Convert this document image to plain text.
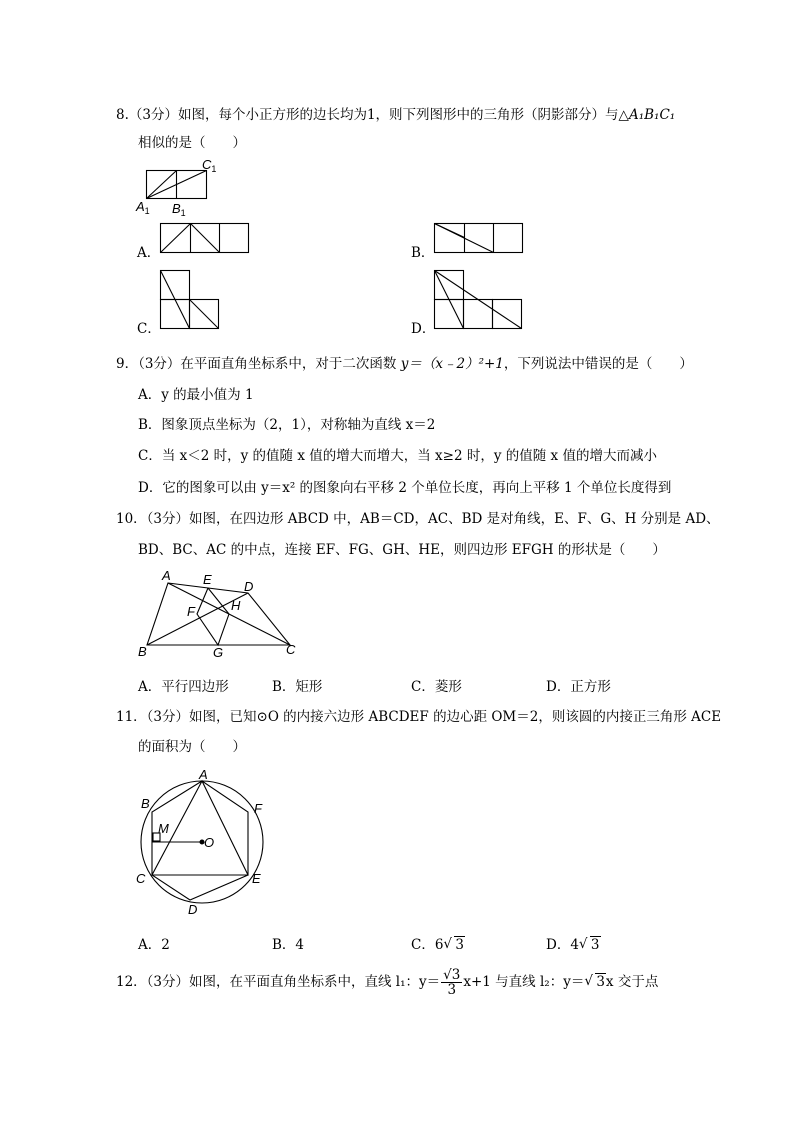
8.（3分）如图，每个小正方形的边长均为1，则下列图形中的三角形（阴影部分）与△A₁B₁C₁
相似的是（　　）
$C_1$
$A_1$ $B_1$
A．	B．
C．	D．
9．（3分）在平面直角坐标系中，对于二次函数 y＝（x﹣2）²+1，下列说法中错误的是（　　）
A．y 的最小值为 1
B．图象顶点坐标为（2，1），对称轴为直线 x＝2
C．当 x＜2 时，y 的值随 x 值的增大而增大，当 x≥2 时，y 的值随 x 值的增大而减小
D．它的图象可以由 y＝x² 的图象向右平移 2 个单位长度，再向上平移 1 个单位长度得到
10．（3分）如图，在四边形 ABCD 中，AB＝CD，AC、BD 是对角线，E、F、G、H 分别是 AD、
BD、BC、AC 的中点，连接 EF、FG、GH、HE，则四边形 EFGH 的形状是（　　）
A E D
F	H
B	G	C
A．平行四边形	B．矩形	C．菱形	D．正方形
11．（3分）如图，已知⊙O 的内接六边形 ABCDEF 的边心距 OM＝2，则该圆的内接正三角形 ACE
的面积为（　　）
A
B	F
M
O
C	E
D
A．2	B．4	C．6 √ 3	D．4 √ 3
12．（3分）如图，在平面直角坐标系中，直线 l₁：$y= \frac{√3}{3} x+1$ 与直线 l₂：y＝ √ 3x 交于点
